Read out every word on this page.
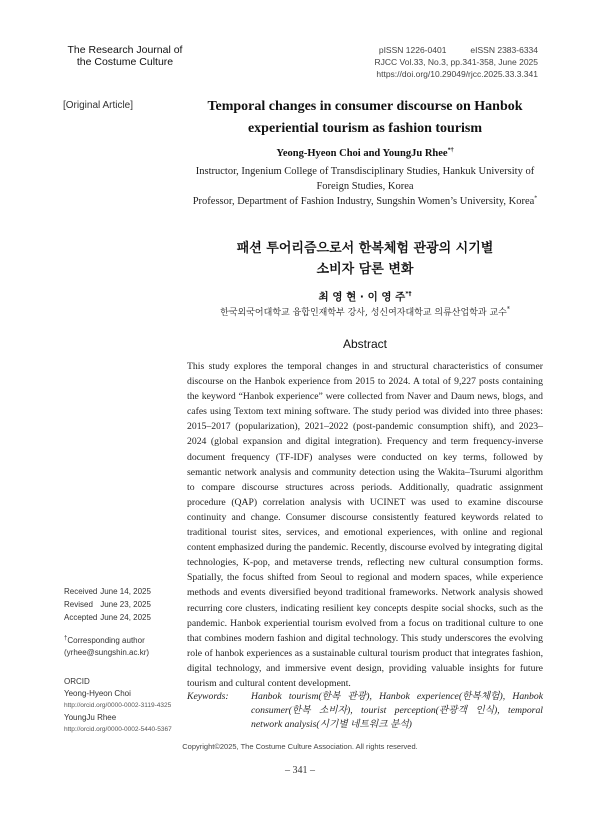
The Research Journal of
the Costume Culture
pISSN 1226-0401	eISSN 2383-6334
RJCC Vol.33, No.3, pp.341-358, June 2025
https://doi.org/10.29049/rjcc.2025.33.3.341
[Original Article]	Temporal changes in consumer discourse on Hanbok
experiential tourism as fashion tourism
Yeong-Hyeon Choi and YoungJu Rhee*†

Instructor, Ingenium College of Transdisciplinary Studies, Hankuk University of Foreign Studies, Korea

Professor, Department of Fashion Industry, Sungshin Women’s University, Korea*

패션 투어리즘으로서 한복체험 관광의 시기별
소비자 담론 변화
최 영 현 · 이 영 주*†
한국외국어대학교 융합인재학부 강사, 성신여자대학교 의류산업학과 교수*
Abstract
This study explores the temporal changes in and structural characteristics of consumer discourse on the Hanbok experience from 2015 to 2024. A total of 9,227 posts containing the keyword “Hanbok experience” were collected from Naver and Daum news, blogs, and cafes using Textom text mining software. The study period was divided into three phases: 2015–2017 (popularization), 2021–2022 (post-pandemic consumption shift), and 2023–2024 (global expansion and digital integration). Frequency and term frequency-inverse document frequency (TF-IDF) analyses were conducted on key terms, followed by semantic network analysis and community detection using the Wakita–Tsurumi algorithm to compare discourse structures across periods. Additionally, quadratic assignment procedure (QAP) correlation analysis with UCINET was used to examine discourse continuity and change. Consumer discourse consistently featured keywords related to traditional tourist sites, services, and emotional experiences, with online and regional content emphasized during the pandemic. Recently, discourse evolved by integrating digital technologies, K-pop, and metaverse trends, reflecting new cultural consumption forms. Spatially, the focus shifted from Seoul to regional and modern spaces, while experience methods and events diversified beyond traditional frameworks. Network analysis showed recurring core clusters, indicating resilient key concepts despite social shocks, such as the pandemic. Hanbok experiential tourism evolved from a focus on traditional culture to one that combines modern fashion and digital technology. This study underscores the evolving role of hanbok experiences as a sustainable cultural tourism product that integrates fashion, digital technology, and immersive event design, providing valuable insights for future tourism and cultural content development.
Received June 14, 2025
Revised June 23, 2025
Accepted June 24, 2025
†Corresponding author
(yrhee@sungshin.ac.kr)
ORCID
Yeong-Hyeon Choi
http://orcid.org/0000-0002-3119-4325
YoungJu Rhee
http://orcid.org/0000-0002-5440-5367
Keywords:	Hanbok tourism(한복 관광), Hanbok experience(한복체험), Hanbok consumer(한복 소비자), tourist perception(관광객 인식), temporal network analysis(시기별 네트워크 분석)
Copyright©2025, The Costume Culture Association. All rights reserved.
– 341 –
